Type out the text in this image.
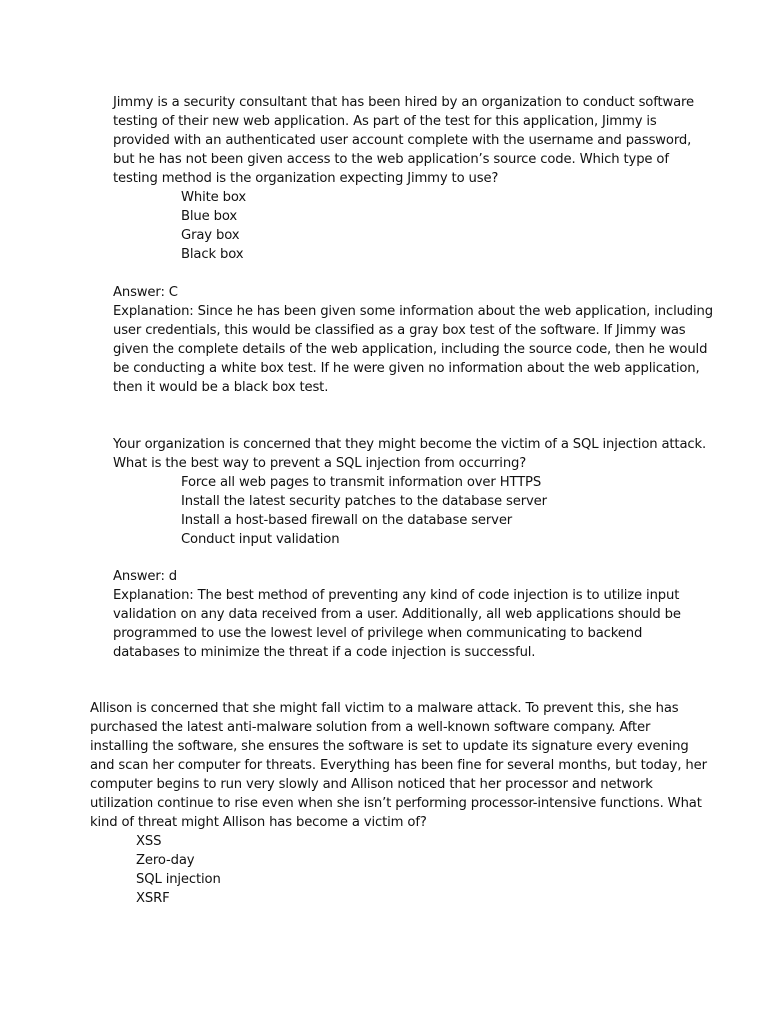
Jimmy is a security consultant that has been hired by an organization to conduct software

testing of their new web application. As part of the test for this application, Jimmy is

provided with an authenticated user account complete with the username and password,

but he has not been given access to the web application’s source code. Which type of

testing method is the organization expecting Jimmy to use?

White box

Blue box

Gray box

Black box

Answer: C

Explanation: Since he has been given some information about the web application, including

user credentials, this would be classified as a gray box test of the software. If Jimmy was

given the complete details of the web application, including the source code, then he would

be conducting a white box test. If he were given no information about the web application,

then it would be a black box test.

Your organization is concerned that they might become the victim of a SQL injection attack.

What is the best way to prevent a SQL injection from occurring?

Force all web pages to transmit information over HTTPS

Install the latest security patches to the database server

Install a host-based firewall on the database server

Conduct input validation

Answer: d

Explanation: The best method of preventing any kind of code injection is to utilize input

validation on any data received from a user. Additionally, all web applications should be

programmed to use the lowest level of privilege when communicating to backend

databases to minimize the threat if a code injection is successful.

Allison is concerned that she might fall victim to a malware attack. To prevent this, she has

purchased the latest anti-malware solution from a well-known software company. After

installing the software, she ensures the software is set to update its signature every evening

and scan her computer for threats. Everything has been fine for several months, but today, her

computer begins to run very slowly and Allison noticed that her processor and network

utilization continue to rise even when she isn’t performing processor-intensive functions. What

kind of threat might Allison has become a victim of?

XSS

Zero-day

SQL injection

XSRF
